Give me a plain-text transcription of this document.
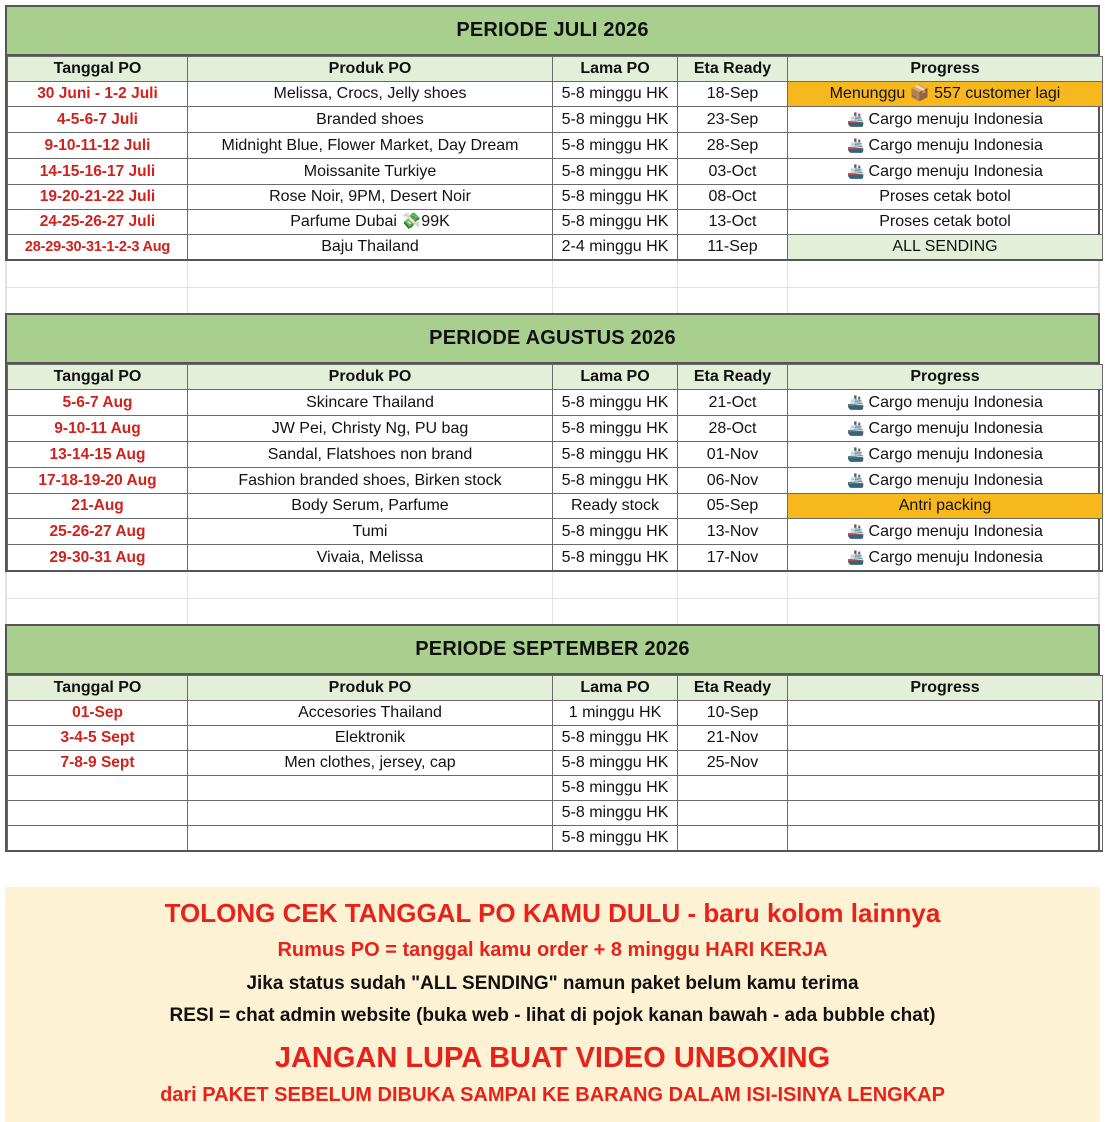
PERIODE JULI 2026
Tanggal PO	Produk PO	Lama PO	Eta Ready	Progress
30 Juni - 1-2 Juli	Melissa, Crocs, Jelly shoes	5-8 minggu HK	18-Sep	Menunggu 📦 557 customer lagi
4-5-6-7 Juli	Branded shoes	5-8 minggu HK	23-Sep	🚢 Cargo menuju Indonesia
9-10-11-12 Juli	Midnight Blue, Flower Market, Day Dream	5-8 minggu HK	28-Sep	🚢 Cargo menuju Indonesia
14-15-16-17 Juli	Moissanite Turkiye	5-8 minggu HK	03-Oct	🚢 Cargo menuju Indonesia
19-20-21-22 Juli	Rose Noir, 9PM, Desert Noir	5-8 minggu HK	08-Oct	Proses cetak botol
24-25-26-27 Juli	Parfume Dubai 💸99K	5-8 minggu HK	13-Oct	Proses cetak botol
28-29-30-31-1-2-3 Aug	Baju Thailand	2-4 minggu HK	11-Sep	ALL SENDING
PERIODE AGUSTUS 2026
Tanggal PO	Produk PO	Lama PO	Eta Ready	Progress
5-6-7 Aug	Skincare Thailand	5-8 minggu HK	21-Oct	🚢 Cargo menuju Indonesia
9-10-11 Aug	JW Pei, Christy Ng, PU bag	5-8 minggu HK	28-Oct	🚢 Cargo menuju Indonesia
13-14-15 Aug	Sandal, Flatshoes non brand	5-8 minggu HK	01-Nov	🚢 Cargo menuju Indonesia
17-18-19-20 Aug	Fashion branded shoes, Birken stock	5-8 minggu HK	06-Nov	🚢 Cargo menuju Indonesia
21-Aug	Body Serum, Parfume	Ready stock	05-Sep	Antri packing
25-26-27 Aug	Tumi	5-8 minggu HK	13-Nov	🚢 Cargo menuju Indonesia
29-30-31 Aug	Vivaia, Melissa	5-8 minggu HK	17-Nov	🚢 Cargo menuju Indonesia
PERIODE SEPTEMBER 2026
Tanggal PO	Produk PO	Lama PO	Eta Ready	Progress
01-Sep	Accesories Thailand	1 minggu HK	10-Sep	
3-4-5 Sept	Elektronik	5-8 minggu HK	21-Nov	
7-8-9 Sept	Men clothes, jersey, cap	5-8 minggu HK	25-Nov	
		5-8 minggu HK		
		5-8 minggu HK		
		5-8 minggu HK		
TOLONG CEK TANGGAL PO KAMU DULU - baru kolom lainnya
Rumus PO = tanggal kamu order + 8 minggu HARI KERJA
Jika status sudah "ALL SENDING" namun paket belum kamu terima
RESI = chat admin website (buka web - lihat di pojok kanan bawah - ada bubble chat)
JANGAN LUPA BUAT VIDEO UNBOXING
dari PAKET SEBELUM DIBUKA SAMPAI KE BARANG DALAM ISI-ISINYA LENGKAP
